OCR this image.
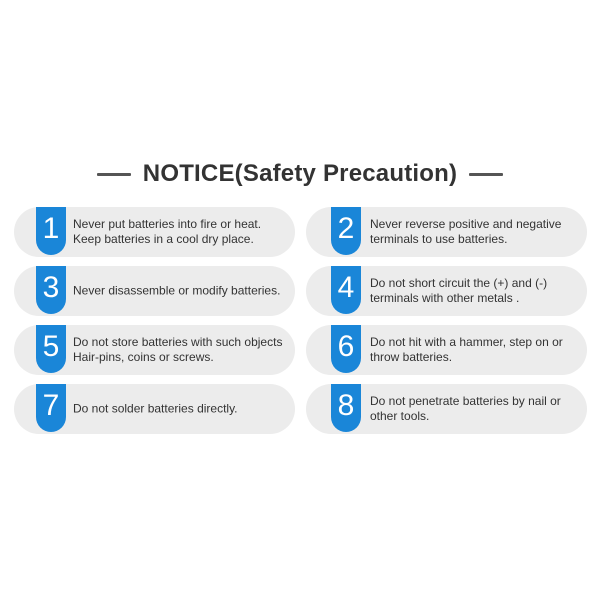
NOTICE(Safety Precaution)
1	Never put batteries into fire or heat.
Keep batteries in a cool dry place.	2	Never reverse positive and negative
terminals to use batteries.
3	Never disassemble or modify batteries. 4	Do not short circuit the (+) and (-)
terminals with other metals .
5	Do not store batteries with such objects
Hair-pins, coins or screws.	6	Do not hit with a hammer, step on or
throw batteries.
7	Do not solder batteries directly.	8	Do not penetrate batteries by nail or
other tools.
